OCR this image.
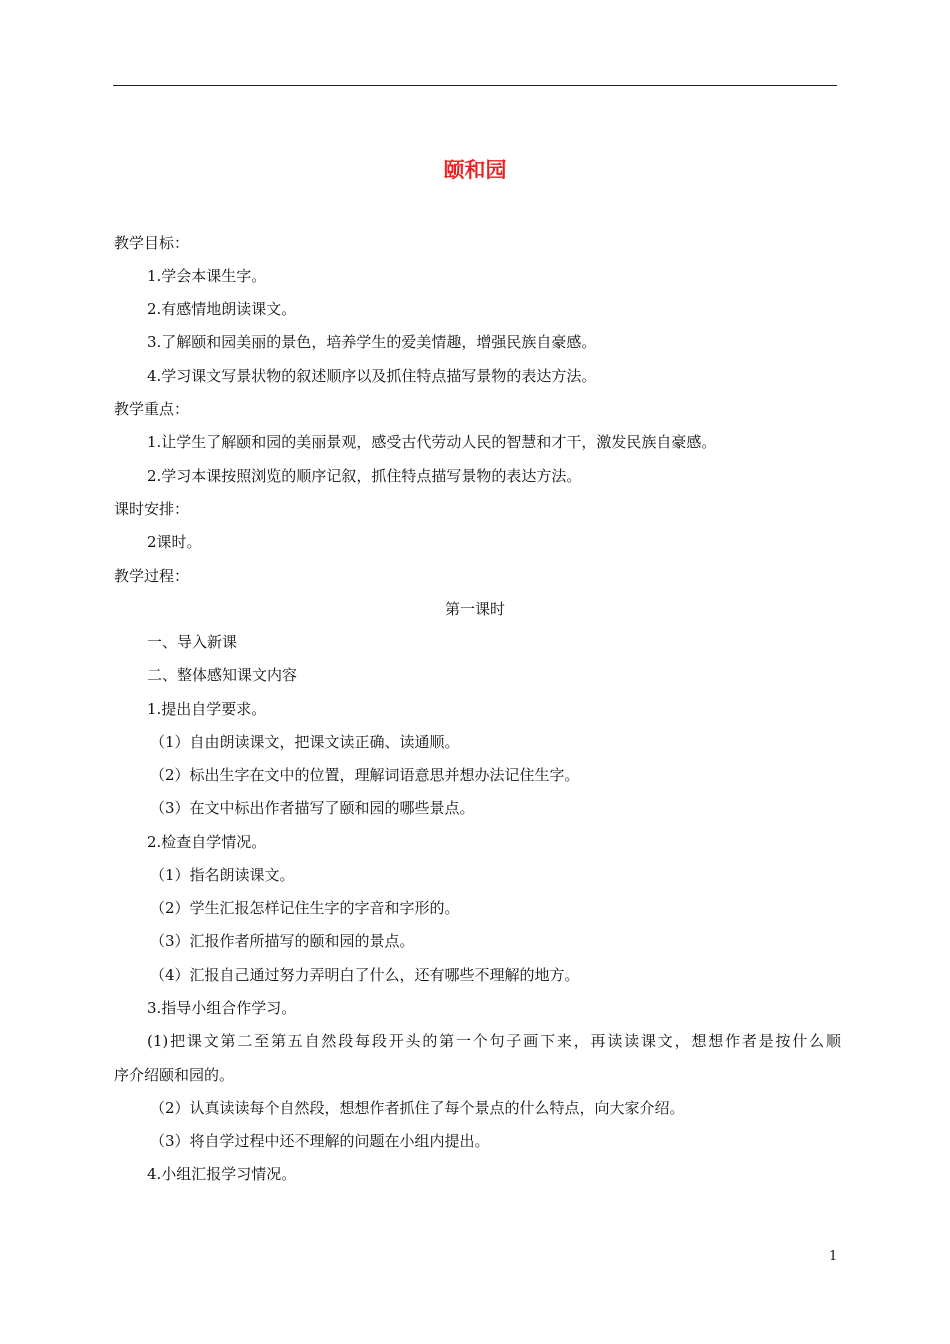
颐和园
教学目标：
1.学会本课生字。
2.有感情地朗读课文。
3.了解颐和园美丽的景色，培养学生的爱美情趣，增强民族自豪感。
4.学习课文写景状物的叙述顺序以及抓住特点描写景物的表达方法。
教学重点：
1.让学生了解颐和园的美丽景观，感受古代劳动人民的智慧和才干，激发民族自豪感。
2.学习本课按照浏览的顺序记叙，抓住特点描写景物的表达方法。
课时安排：
2课时。
教学过程：
第一课时
一、导入新课
二、整体感知课文内容
1.提出自学要求。
（1）自由朗读课文，把课文读正确、读通顺。
（2）标出生字在文中的位置，理解词语意思并想办法记住生字。
（3）在文中标出作者描写了颐和园的哪些景点。
2.检查自学情况。
（1）指名朗读课文。
（2）学生汇报怎样记住生字的字音和字形的。
（3）汇报作者所描写的颐和园的景点。
（4）汇报自己通过努力弄明白了什么，还有哪些不理解的地方。
3.指导小组合作学习。
(1)把课文第二至第五自然段每段开头的第一个句子画下来，再读读课文，想想作者是按什么顺
序介绍颐和园的。
（2）认真读读每个自然段，想想作者抓住了每个景点的什么特点，向大家介绍。
（3）将自学过程中还不理解的问题在小组内提出。
4.小组汇报学习情况。
1
